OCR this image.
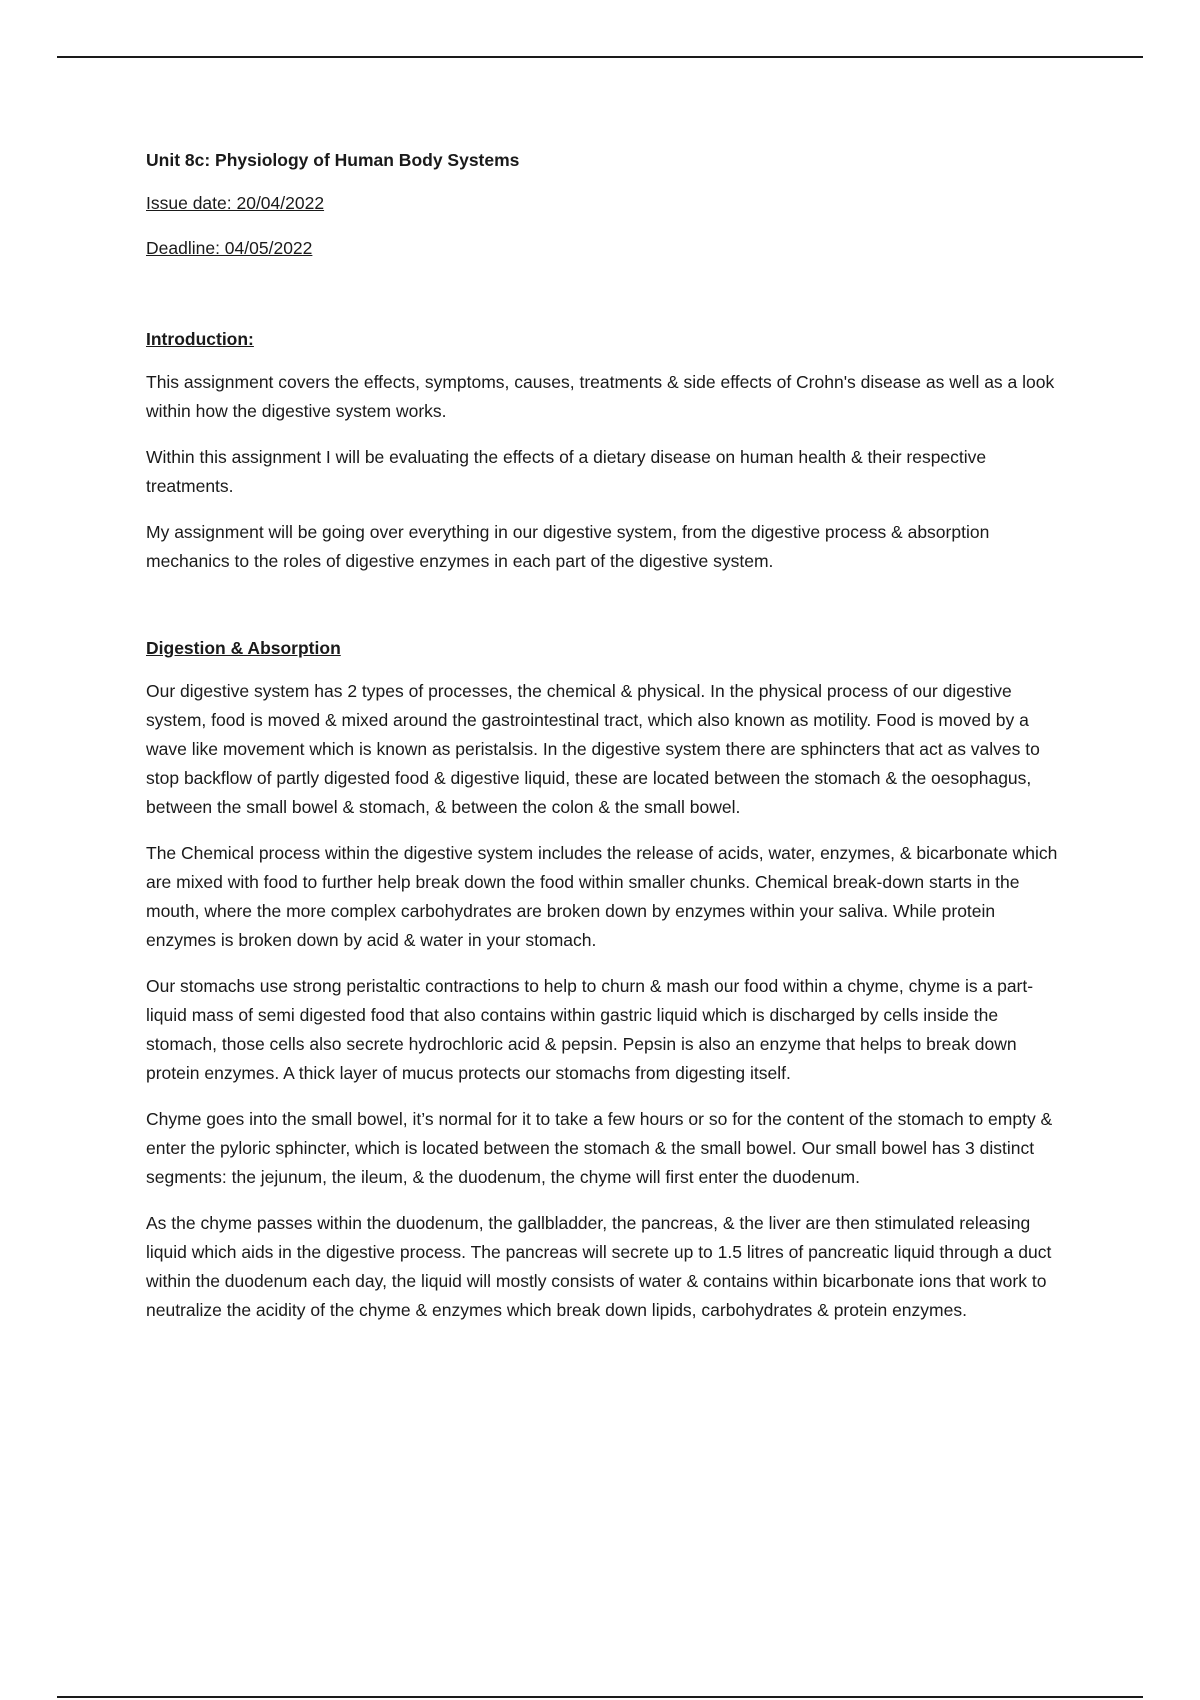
Unit 8c: Physiology of Human Body Systems

Issue date: 20/04/2022

Deadline: 04/05/2022

Introduction:

This assignment covers the effects, symptoms, causes, treatments & side effects of Crohn's disease as well as a look within how the digestive system works.

Within this assignment I will be evaluating the effects of a dietary disease on human health & their respective treatments.

My assignment will be going over everything in our digestive system, from the digestive process & absorption mechanics to the roles of digestive enzymes in each part of the digestive system.

Digestion & Absorption

Our digestive system has 2 types of processes, the chemical & physical. In the physical process of our digestive system, food is moved & mixed around the gastrointestinal tract, which also known as motility. Food is moved by a wave like movement which is known as peristalsis. In the digestive system there are sphincters that act as valves to stop backflow of partly digested food & digestive liquid, these are located between the stomach & the oesophagus, between the small bowel & stomach, & between the colon & the small bowel.

The Chemical process within the digestive system includes the release of acids, water, enzymes, & bicarbonate which are mixed with food to further help break down the food within smaller chunks. Chemical break-down starts in the mouth, where the more complex carbohydrates are broken down by enzymes within your saliva. While protein enzymes is broken down by acid & water in your stomach.

Our stomachs use strong peristaltic contractions to help to churn & mash our food within a chyme, chyme is a part-liquid mass of semi digested food that also contains within gastric liquid which is discharged by cells inside the stomach, those cells also secrete hydrochloric acid & pepsin. Pepsin is also an enzyme that helps to break down protein enzymes. A thick layer of mucus protects our stomachs from digesting itself.

Chyme goes into the small bowel, it’s normal for it to take a few hours or so for the content of the stomach to empty & enter the pyloric sphincter, which is located between the stomach & the small bowel. Our small bowel has 3 distinct segments: the jejunum, the ileum, & the duodenum, the chyme will first enter the duodenum.

As the chyme passes within the duodenum, the gallbladder, the pancreas, & the liver are then stimulated releasing liquid which aids in the digestive process. The pancreas will secrete up to 1.5 litres of pancreatic liquid through a duct within the duodenum each day, the liquid will mostly consists of water & contains within bicarbonate ions that work to neutralize the acidity of the chyme & enzymes which break down lipids, carbohydrates & protein enzymes.
